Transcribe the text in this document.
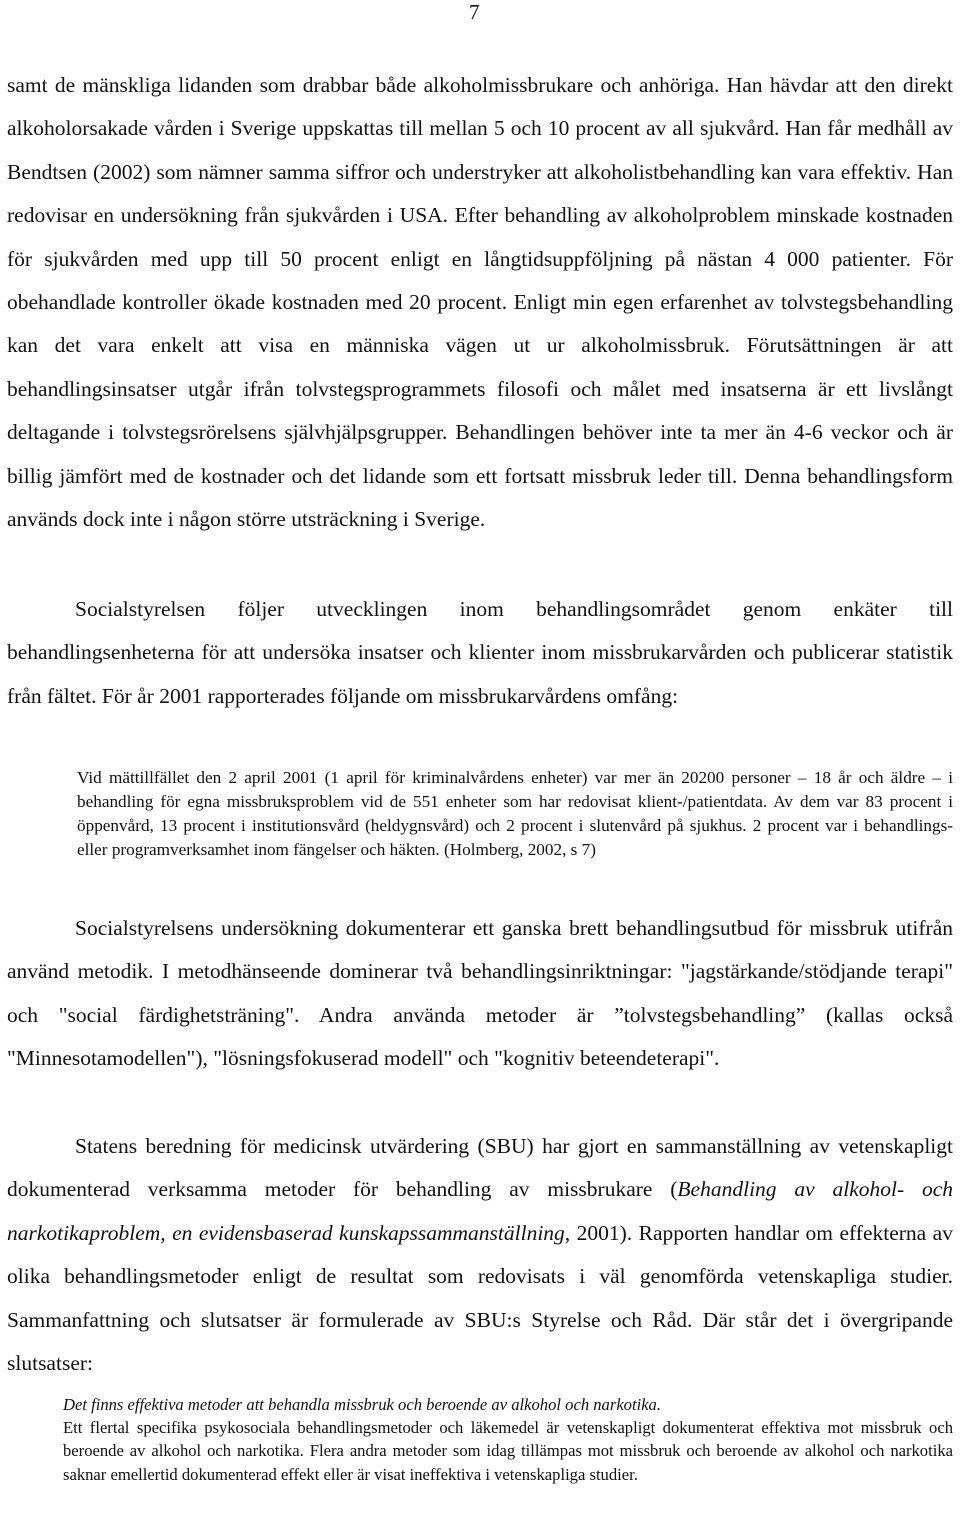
7

samt de mänskliga lidanden som drabbar både alkoholmissbrukare och anhöriga. Han hävdar att den direkt alkoholorsakade vården i Sverige uppskattas till mellan 5 och 10 procent av all sjukvård. Han får medhåll av Bendtsen (2002) som nämner samma siffror och understryker att alkoholistbehandling kan vara effektiv. Han redovisar en undersökning från sjukvården i USA. Efter behandling av alkoholproblem minskade kostnaden för sjukvården med upp till 50 procent enligt en långtidsuppföljning på nästan 4 000 patienter. För obehandlade kontroller ökade kostnaden med 20 procent. Enligt min egen erfarenhet av tolvstegsbehandling kan det vara enkelt att visa en människa vägen ut ur alkoholmissbruk. Förutsättningen är att behandlingsinsatser utgår ifrån tolvstegsprogrammets filosofi och målet med insatserna är ett livslångt deltagande i tolvstegsrörelsens självhjälpsgrupper. Behandlingen behöver inte ta mer än 4-6 veckor och är billig jämfört med de kostnader och det lidande som ett fortsatt missbruk leder till. Denna behandlingsform används dock inte i någon större utsträckning i Sverige.

Socialstyrelsen följer utvecklingen inom behandlingsområdet genom enkäter till behandlingsenheterna för att undersöka insatser och klienter inom missbrukarvården och publicerar statistik från fältet. För år 2001 rapporterades följande om missbrukarvårdens omfång:

Vid mättillfället den 2 april 2001 (1 april för kriminalvårdens enheter) var mer än 20200 personer – 18 år och äldre – i behandling för egna missbruksproblem vid de 551 enheter som har redovisat klient-/patientdata. Av dem var 83 procent i öppenvård, 13 procent i institutionsvård (heldygnsvård) och 2 procent i slutenvård på sjukhus. 2 procent var i behandlings- eller programverksamhet inom fängelser och häkten. (Holmberg, 2002, s 7)

Socialstyrelsens undersökning dokumenterar ett ganska brett behandlingsutbud för missbruk utifrån använd metodik. I metodhänseende dominerar två behandlingsinriktningar: "jagstärkande/stödjande terapi" och "social färdighetsträning". Andra använda metoder är ”tolvstegsbehandling” (kallas också "Minnesotamodellen"), "lösningsfokuserad modell" och "kognitiv beteendeterapi".

Statens beredning för medicinsk utvärdering (SBU) har gjort en sammanställning av vetenskapligt dokumenterad verksamma metoder för behandling av missbrukare (Behandling av alkohol- och narkotikaproblem, en evidensbaserad kunskapssammanställning, 2001). Rapporten handlar om effekterna av olika behandlingsmetoder enligt de resultat som redovisats i väl genomförda vetenskapliga studier. Sammanfattning och slutsatser är formulerade av SBU:s Styrelse och Råd. Där står det i övergripande slutsatser:

Det finns effektiva metoder att behandla missbruk och beroende av alkohol och narkotika.

Ett flertal specifika psykosociala behandlingsmetoder och läkemedel är vetenskapligt dokumenterat effektiva mot missbruk och beroende av alkohol och narkotika. Flera andra metoder som idag tillämpas mot missbruk och beroende av alkohol och narkotika saknar emellertid dokumenterad effekt eller är visat ineffektiva i vetenskapliga studier.
